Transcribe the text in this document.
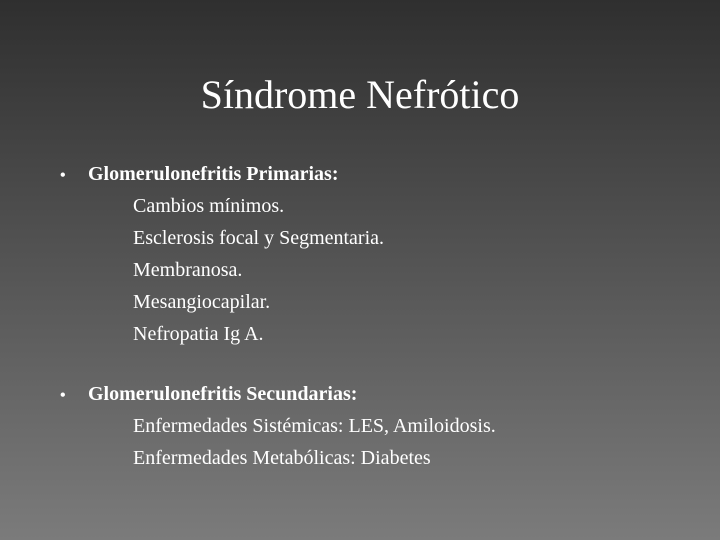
Síndrome Nefrótico
•	Glomerulonefritis Primarias:
Cambios mínimos.
Esclerosis focal y Segmentaria.
Membranosa.
Mesangiocapilar.
Nefropatia Ig A.
•	Glomerulonefritis Secundarias:
Enfermedades Sistémicas: LES, Amiloidosis.
Enfermedades Metabólicas: Diabetes
